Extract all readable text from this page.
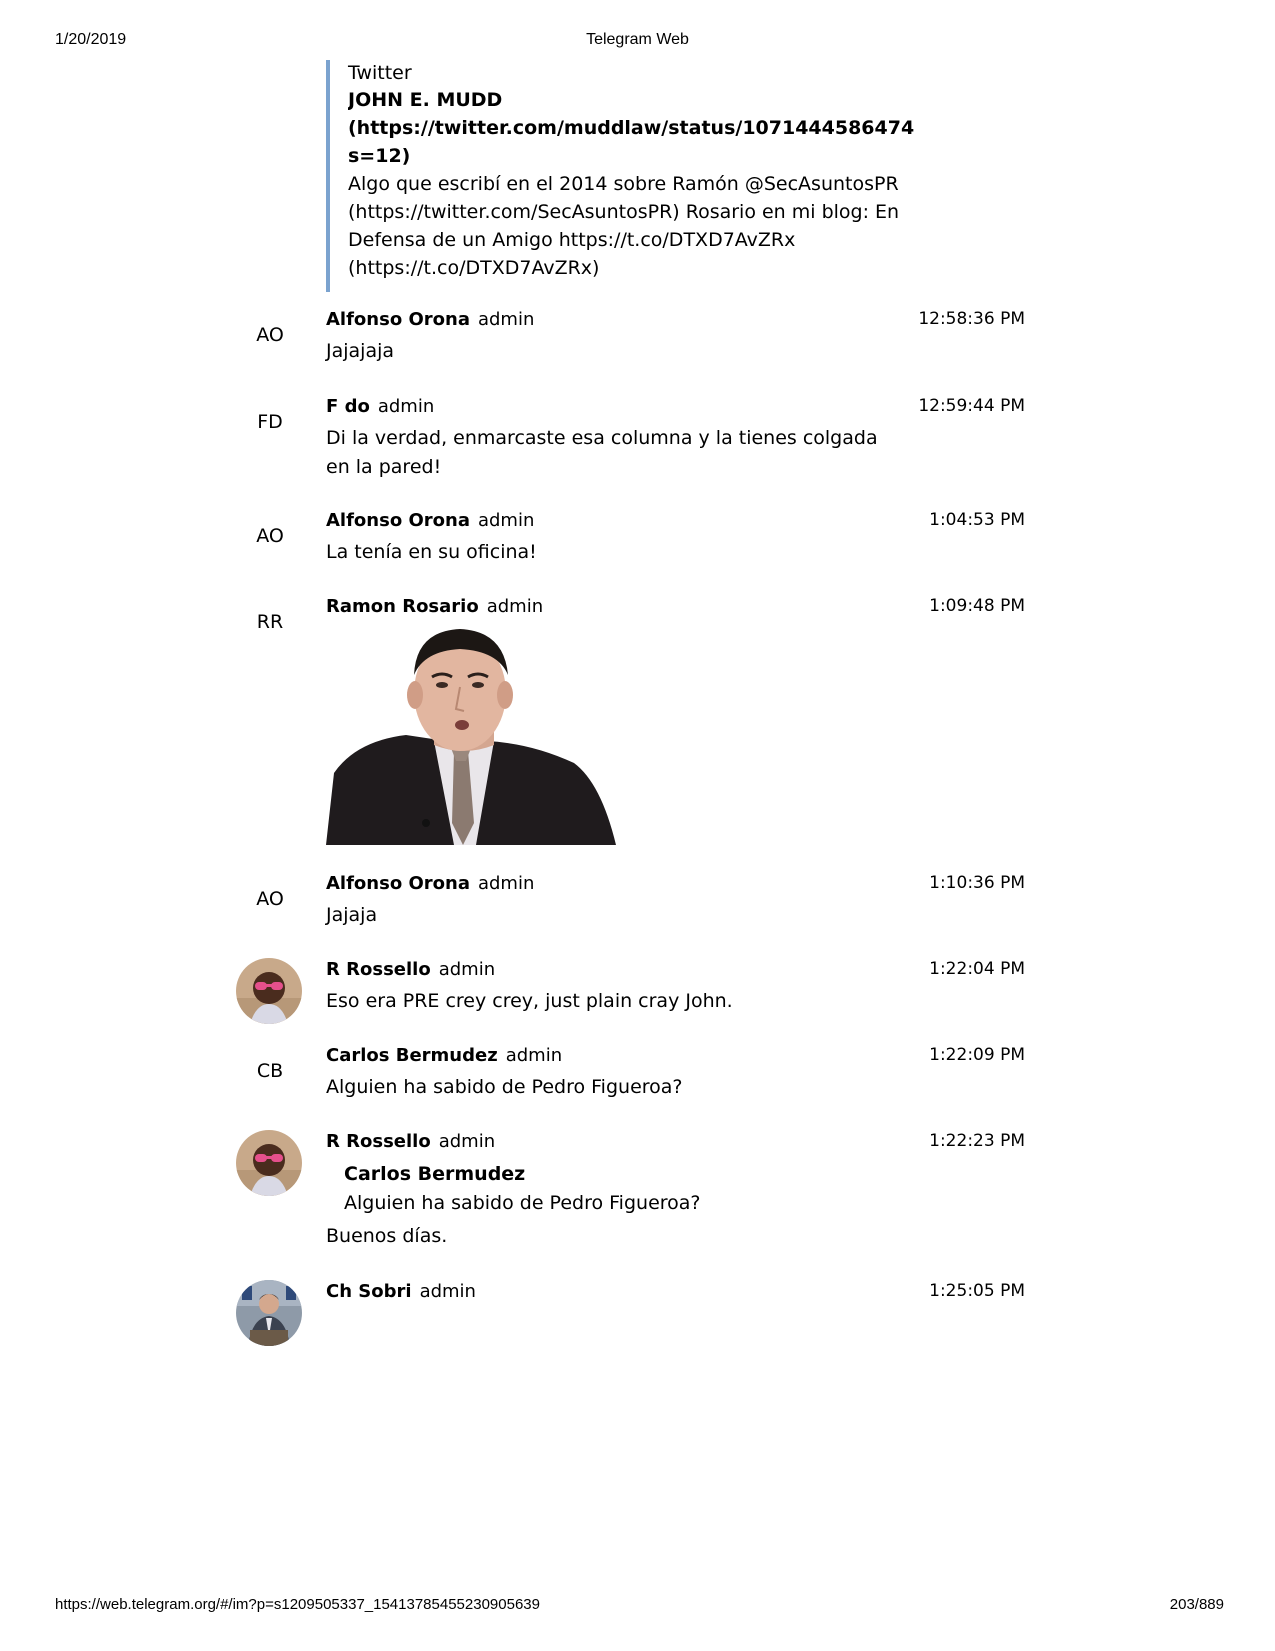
1/20/2019	Telegram Web
Twitter
JOHN E. MUDD
(https://twitter.com/muddlaw/status/1071444586474
s=12)
Algo que escribí en el 2014 sobre Ramón @SecAsuntosPR (https://twitter.com/SecAsuntosPR) Rosario en mi blog: En Defensa de un Amigo https://t.co/DTXD7AvZRx (https://t.co/DTXD7AvZRx)
AO
Alfonso Orona admin	12:58:36 PM
Jajajaja
FD
F do admin	12:59:44 PM
Di la verdad, enmarcaste esa columna y la tienes colgada en la pared!
AO
Alfonso Orona admin	1:04:53 PM
La tenía en su oficina!
RR
Ramon Rosario admin	1:09:48 PM
AO
Alfonso Orona admin	1:10:36 PM
Jajaja
R Rossello admin	1:22:04 PM
Eso era PRE crey crey, just plain cray John.
CB
Carlos Bermudez admin	1:22:09 PM
Alguien ha sabido de Pedro Figueroa?
R Rossello admin	1:22:23 PM
Carlos Bermudez
Alguien ha sabido de Pedro Figueroa?
Buenos días.
Ch Sobri admin	1:25:05 PM
https://web.telegram.org/#/im?p=s1209505337_15413785455230905639	203/889
